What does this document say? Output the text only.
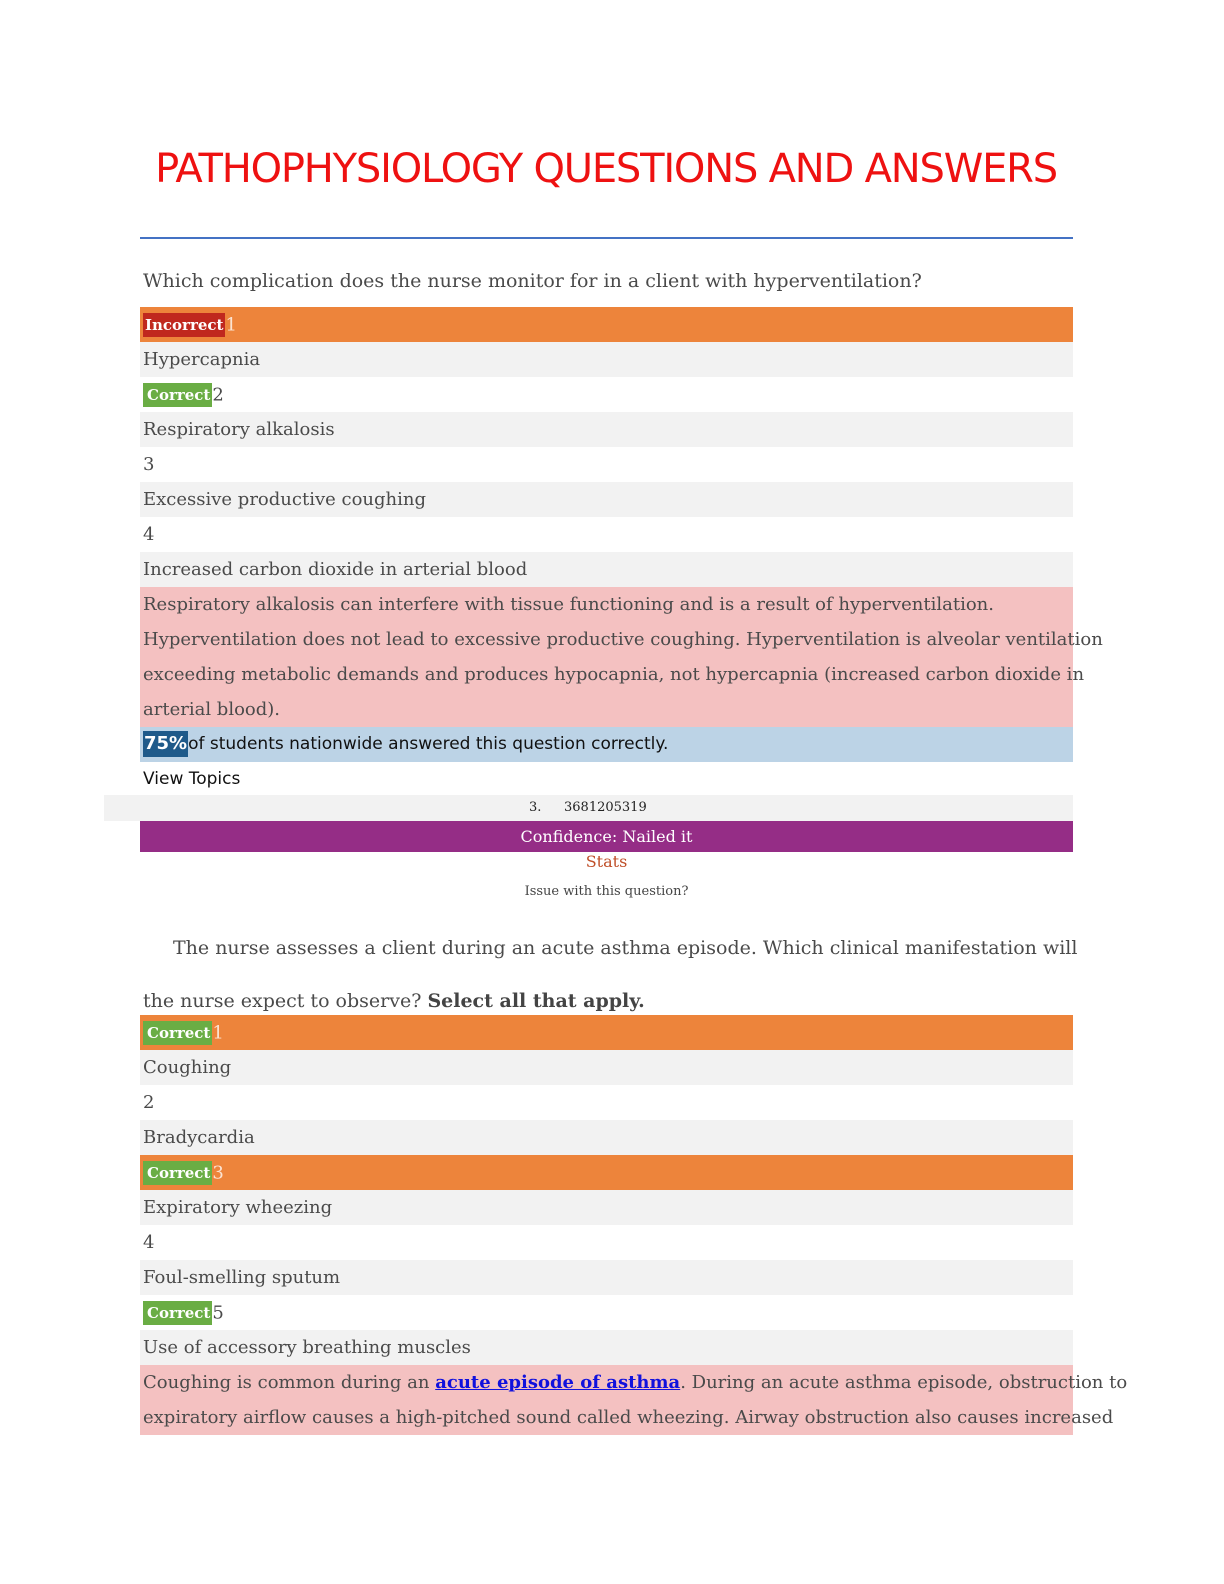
PATHOPHYSIOLOGY QUESTIONS AND ANSWERS
Which complication does the nurse monitor for in a client with hyperventilation?
Incorrect 1
Hypercapnia
Correct 2
Respiratory alkalosis
3
Excessive productive coughing
4
Increased carbon dioxide in arterial blood
Respiratory alkalosis can interfere with tissue functioning and is a result of hyperventilation.
Hyperventilation does not lead to excessive productive coughing. Hyperventilation is alveolar ventilation
exceeding metabolic demands and produces hypocapnia, not hypercapnia (increased carbon dioxide in
arterial blood).
75%of students nationwide answered this question correctly.
View Topics
3. 3681205319
Confidence: Nailed it
Stats
Issue with this question?
The nurse assesses a client during an acute asthma episode. Which clinical manifestation will the nurse expect to observe? Select all that apply.
Correct 1
Coughing
2
Bradycardia
Correct 3
Expiratory wheezing
4
Foul-smelling sputum
Correct 5
Use of accessory breathing muscles
Coughing is common during an acute episode of asthma. During an acute asthma episode, obstruction to
expiratory airflow causes a high-pitched sound called wheezing. Airway obstruction also causes increased
